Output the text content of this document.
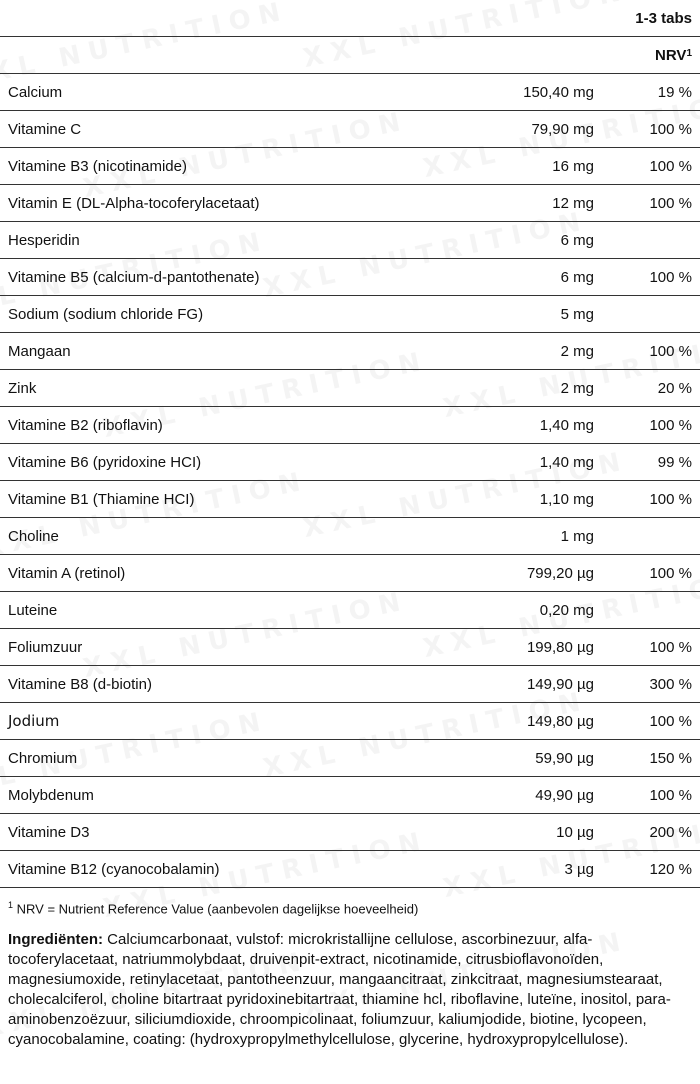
1-3 tabs
NRV$^1$
Calcium	150,40 mg	19 %
Vitamine C	79,90 mg	100 %
Vitamine B3 (nicotinamide)	16 mg	100 %
Vitamin E (DL-Alpha-tocoferylacetaat)	12 mg	100 %
Hesperidin	6 mg
Vitamine B5 (calcium-d-pantothenate)	6 mg	100 %
Sodium (sodium chloride FG)	5 mg
Mangaan	2 mg	100 %
Zink	2 mg	20 %
Vitamine B2 (riboflavin)	1,40 mg	100 %
Vitamine B6 (pyridoxine HCI)	1,40 mg	99 %
Vitamine B1 (Thiamine HCI)	1,10 mg	100 %
Choline	1 mg
Vitamin A (retinol)	799,20 µg	100 %
Luteine	0,20 mg
Foliumzuur	199,80 µg	100 %
Vitamine B8 (d-biotin)	149,90 µg	300 %
Jodium	149,80 µg	100 %
Chromium	59,90 µg	150 %
Molybdenum	49,90 µg	100 %
Vitamine D3	10 µg	200 %
Vitamine B12 (cyanocobalamin)	3 µg	120 %
$^1$ NRV = Nutrient Reference Value (aanbevolen dagelijkse hoeveelheid)
Ingrediënten: Calciumcarbonaat, vulstof: microkristallijne cellulose, ascorbinezuur, alfa-tocoferylacetaat, natriummolybdaat, druivenpit-extract, nicotinamide, citrusbioflavonoïden, magnesiumoxide, retinylacetaat, pantotheenzuur, mangaancitraat, zinkcitraat, magnesiumstearaat, cholecalciferol, choline bitartraat pyridoxinebitartraat, thiamine hcl, riboflavine, luteïne, inositol, para-aminobenzoëzuur, siliciumdioxide, chroompicolinaat, foliumzuur, kaliumjodide, biotine, lycopeen, cyanocobalamine, coating: (hydroxypropylmethylcellulose, glycerine, hydroxypropylcellulose).
